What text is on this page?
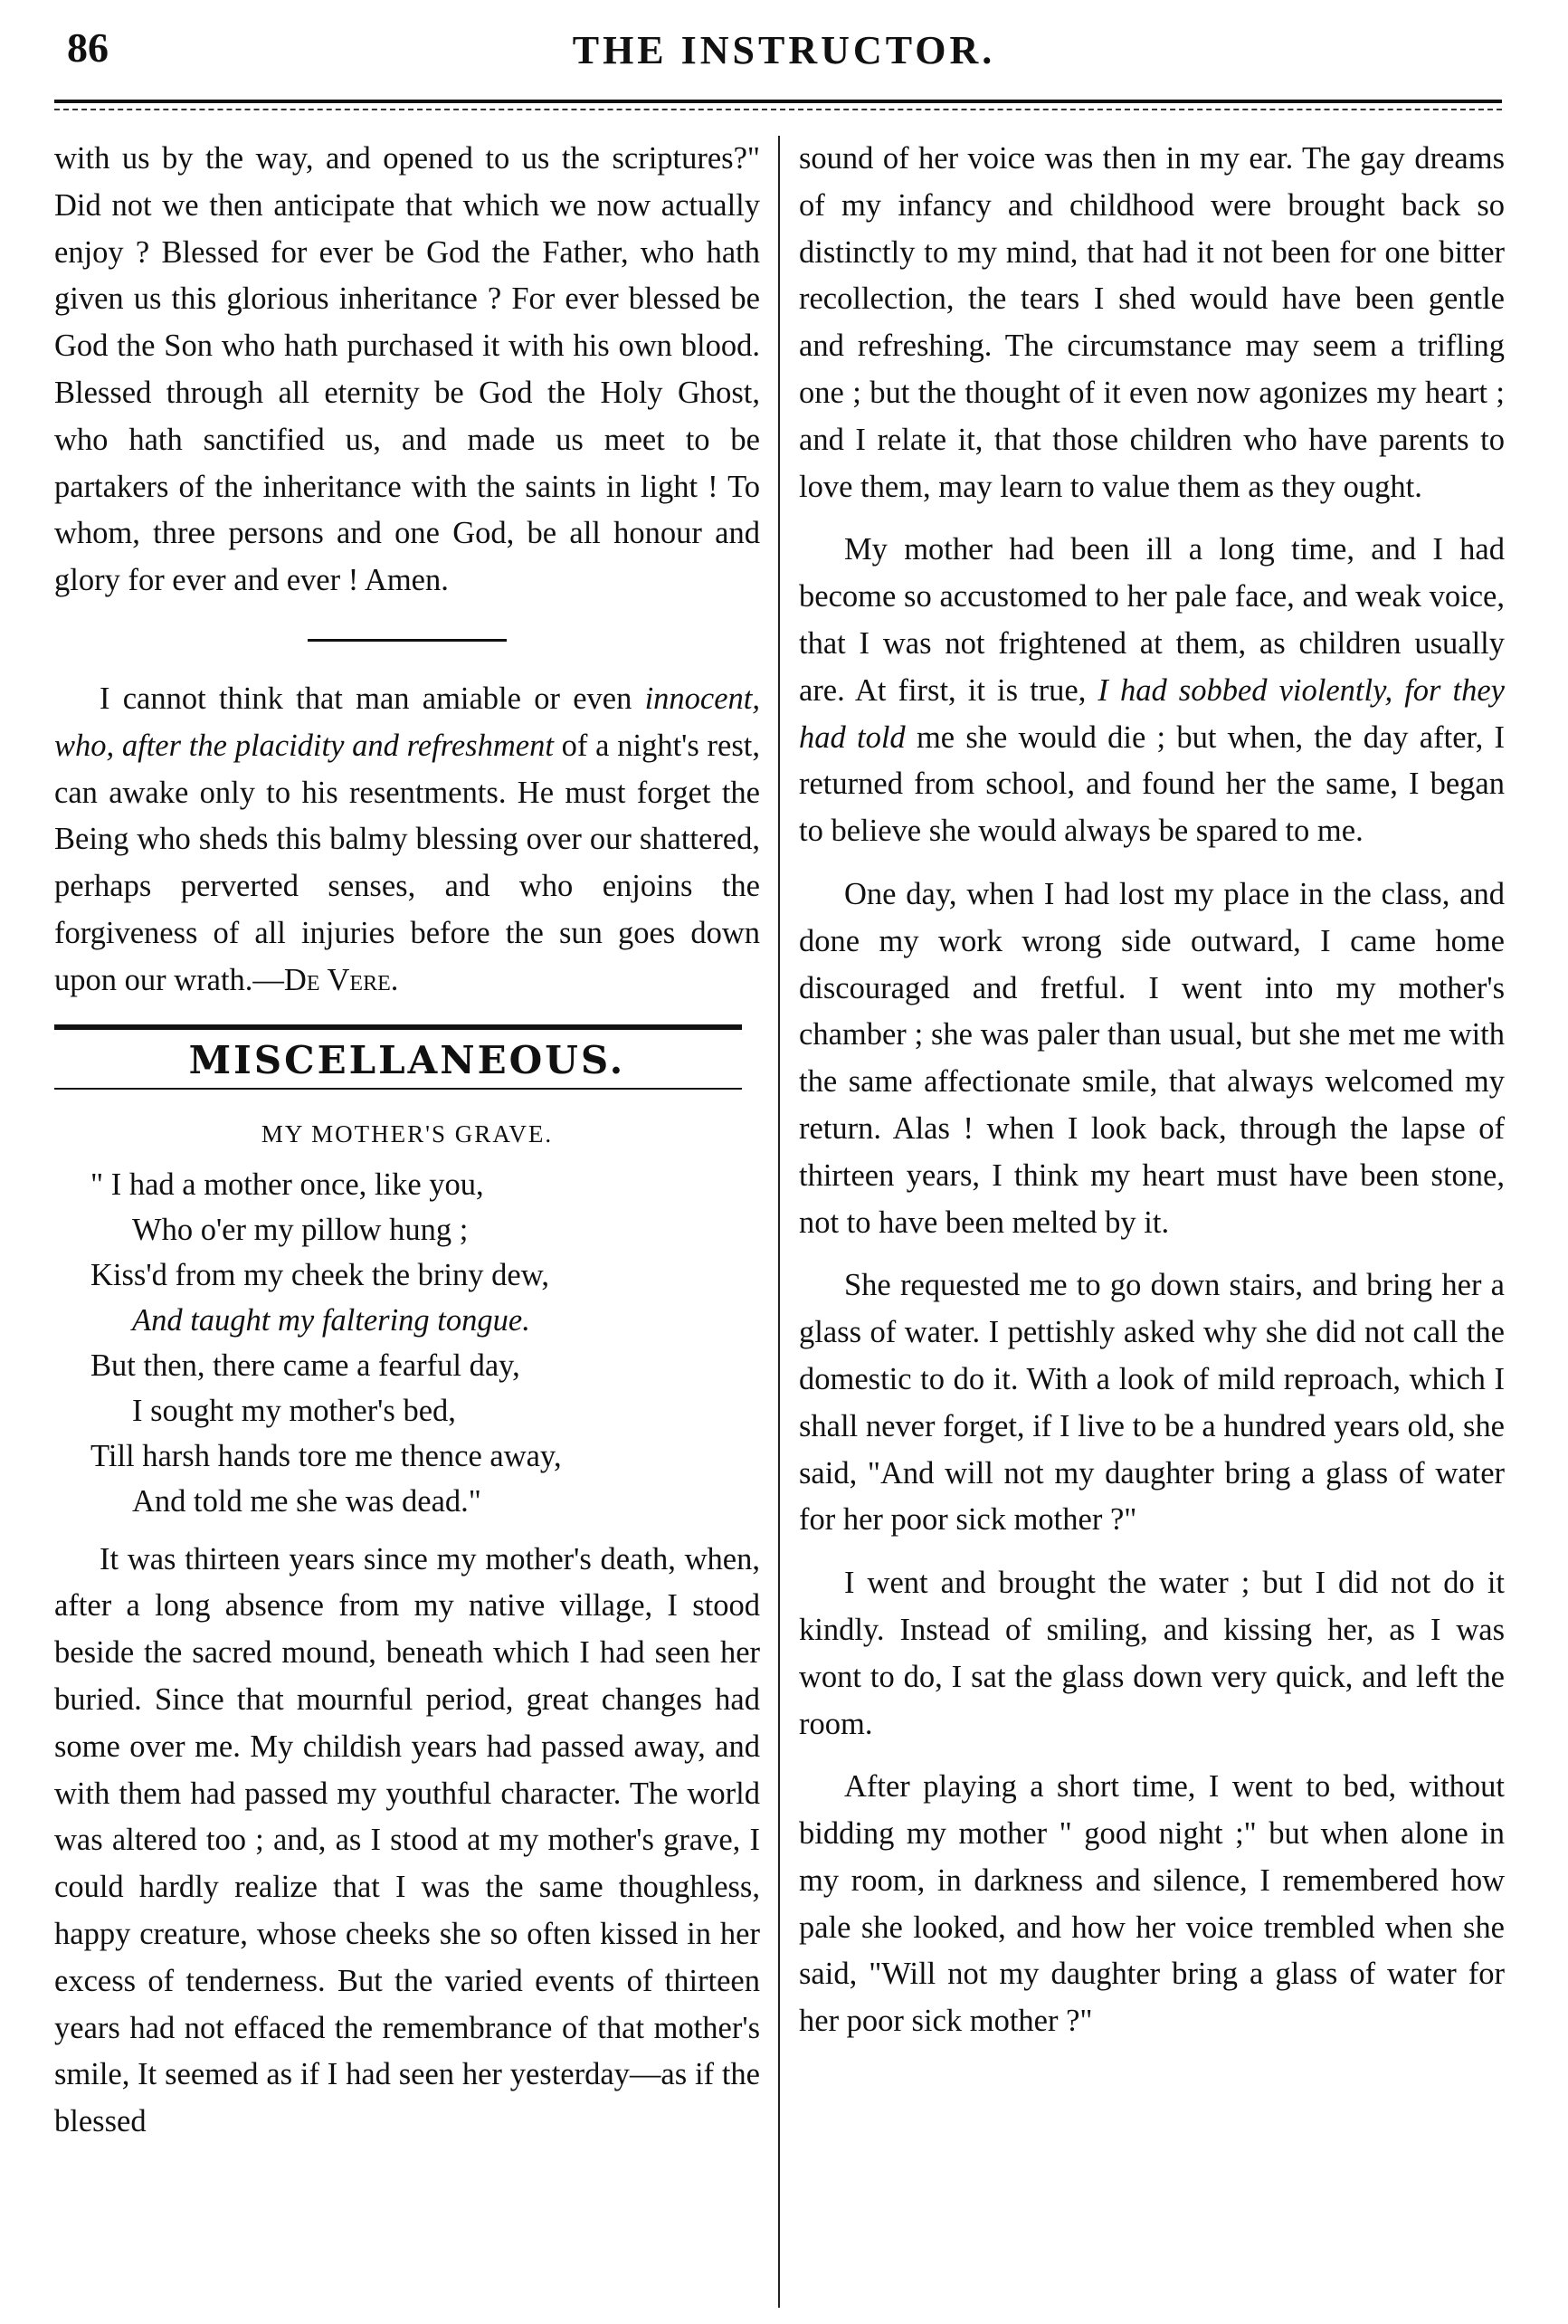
86	THE INSTRUCTOR.

with us by the way, and opened to us the scriptures?" Did not we then anticipate that which we now actually enjoy ? Blessed for ever be God the Father, who hath given us this glorious inheritance ? For ever blessed be God the Son who hath purchased it with his own blood. Blessed through all eternity be God the Holy Ghost, who hath sanctified us, and made us meet to be partakers of the inheritance with the saints in light ! To whom, three persons and one God, be all honour and glory for ever and ever ! Amen.

I cannot think that man amiable or even innocent, who, after the placidity and refreshment of a night's rest, can awake only to his resentments. He must forget the Being who sheds this balmy blessing over our shattered, perhaps perverted senses, and who enjoins the forgiveness of all injuries before the sun goes down upon our wrath.—De Vere.

MISCELLANEOUS.
MY MOTHER'S GRAVE.
" I had a mother once, like you,
Who o'er my pillow hung ;
Kiss'd from my cheek the briny dew,
And taught my faltering tongue.
But then, there came a fearful day,
I sought my mother's bed,
Till harsh hands tore me thence away,
And told me she was dead."

It was thirteen years since my mother's death, when, after a long absence from my native village, I stood beside the sacred mound, beneath which I had seen her buried. Since that mournful period, great changes had some over me. My childish years had passed away, and with them had passed my youthful character. The world was altered too ; and, as I stood at my mother's grave, I could hardly realize that I was the same thoughless, happy creature, whose cheeks she so often kissed in her excess of tenderness. But the varied events of thirteen years had not effaced the remembrance of that mother's smile, It seemed as if I had seen her yesterday—as if the blessed

sound of her voice was then in my ear. The gay dreams of my infancy and childhood were brought back so distinctly to my mind, that had it not been for one bitter recollection, the tears I shed would have been gentle and refreshing. The circumstance may seem a trifling one ; but the thought of it even now agonizes my heart ; and I relate it, that those children who have parents to love them, may learn to value them as they ought.

My mother had been ill a long time, and I had become so accustomed to her pale face, and weak voice, that I was not frightened at them, as children usually are. At first, it is true, I had sobbed violently, for they had told me she would die ; but when, the day after, I returned from school, and found her the same, I began to believe she would always be spared to me.

One day, when I had lost my place in the class, and done my work wrong side outward, I came home discouraged and fretful. I went into my mother's chamber ; she was paler than usual, but she met me with the same affectionate smile, that always welcomed my return. Alas ! when I look back, through the lapse of thirteen years, I think my heart must have been stone, not to have been melted by it.

She requested me to go down stairs, and bring her a glass of water. I pettishly asked why she did not call the domestic to do it. With a look of mild reproach, which I shall never forget, if I live to be a hundred years old, she said, "And will not my daughter bring a glass of water for her poor sick mother ?"

I went and brought the water ; but I did not do it kindly. Instead of smiling, and kissing her, as I was wont to do, I sat the glass down very quick, and left the room.

After playing a short time, I went to bed, without bidding my mother " good night ;" but when alone in my room, in darkness and silence, I remembered how pale she looked, and how her voice trembled when she said, "Will not my daughter bring a glass of water for her poor sick mother ?"
